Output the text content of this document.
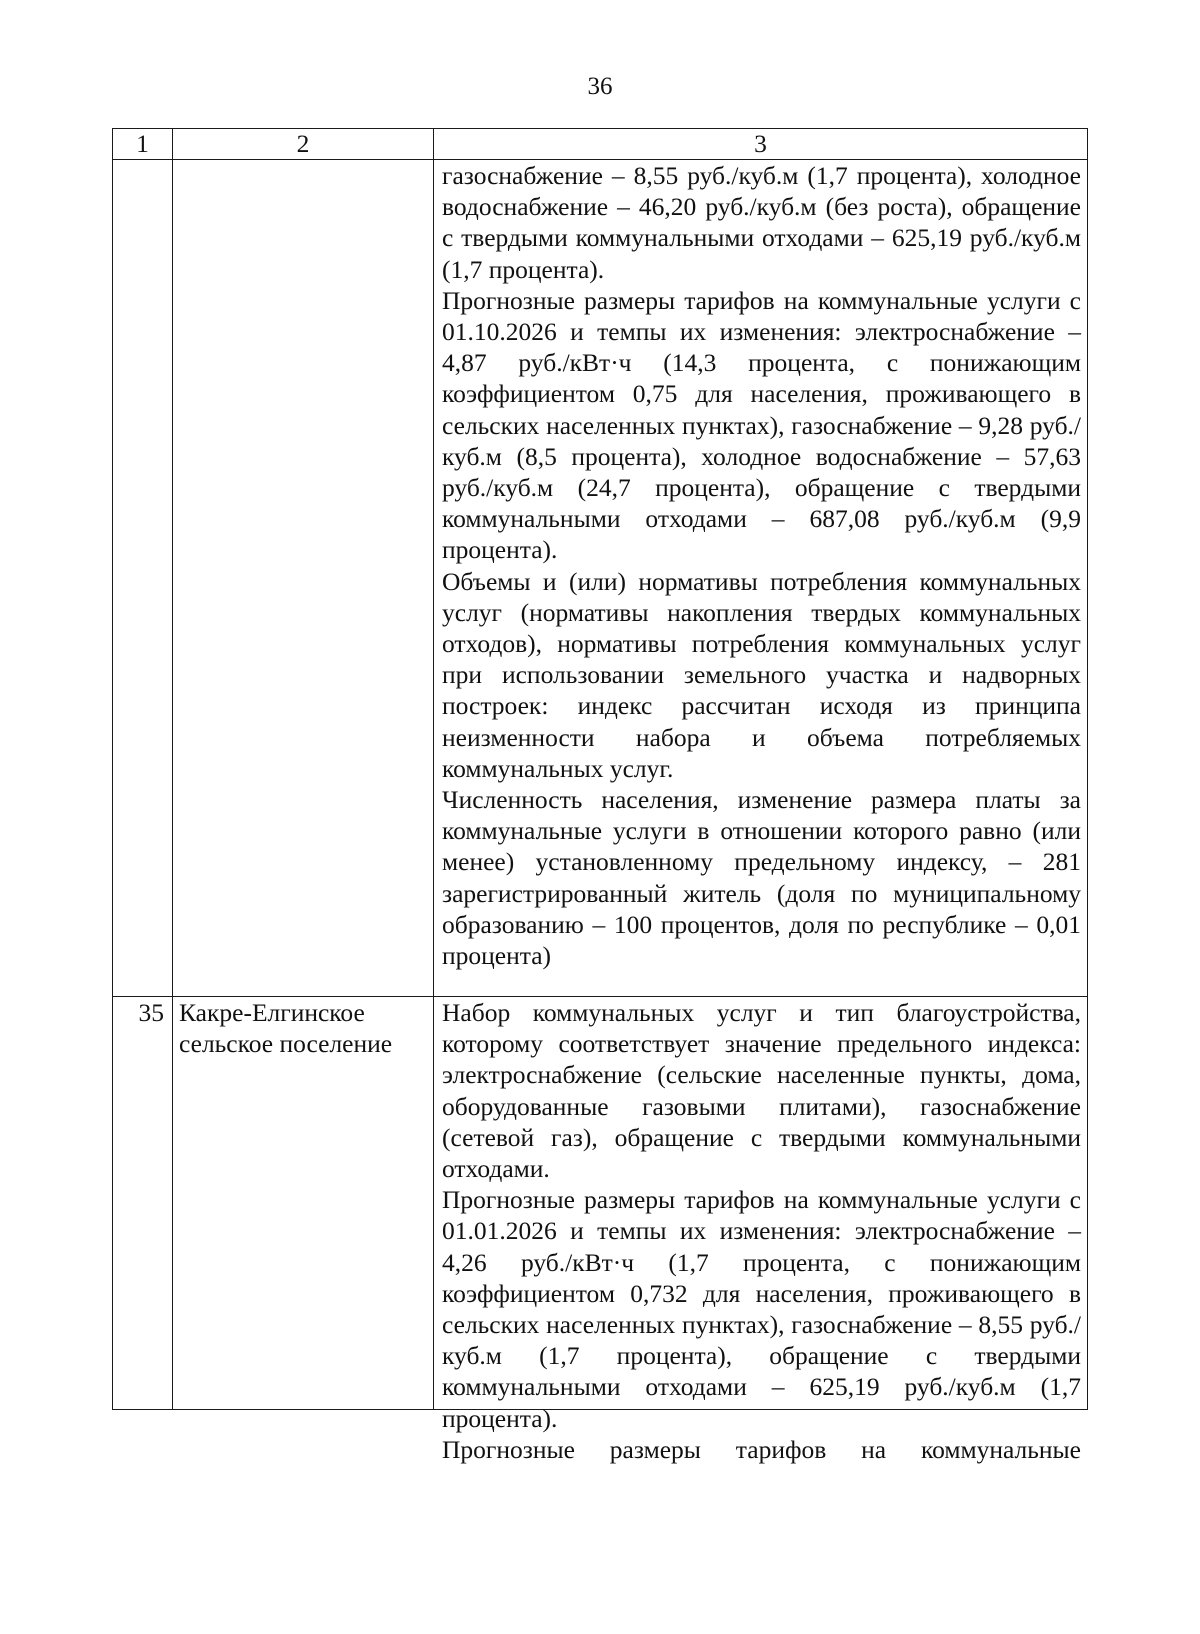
36
1	2	3

		газоснабжение – 8,55 руб./куб.м (1,7 процента), холодное водоснабжение – 46,20 руб./куб.м (без роста), обращение с твердыми коммунальными отходами – 625,19 руб./куб.м (1,7 процента).

Прогнозные размеры тарифов на коммунальные услуги с 01.10.2026 и темпы их изменения: электроснабжение – 4,87 руб./кВт·ч (14,3 процента, с понижающим коэффициентом 0,75 для населения, проживающего в сельских населенных пунктах), газоснабжение – 9,28 руб./куб.м (8,5 процента), холодное водоснабжение – 57,63 руб./куб.м (24,7 процента), обращение с твердыми коммунальными отходами – 687,08 руб./куб.м (9,9 процента).

Объемы и (или) нормативы потребления коммунальных услуг (нормативы накопления твердых коммунальных отходов), нормативы потребления коммунальных услуг при использовании земельного участка и надворных построек: индекс рассчитан исходя из принципа неизменности набора и объема потребляемых коммунальных услуг.

Численность населения, изменение размера платы за коммунальные услуги в отношении которого равно (или менее) установленному предельному индексу, – 281 зарегистрированный житель (доля по муниципальному образованию – 100 процентов, доля по республике – 0,01 процента)

35	Какре-Елгинское сельское поселение	Набор коммунальных услуг и тип благоустройства, которому соответствует значение предельного индекса: электроснабжение (сельские населенные пункты, дома, оборудованные газовыми плитами), газоснабжение (сетевой газ), обращение с твердыми коммунальными отходами.

Прогнозные размеры тарифов на коммунальные услуги с 01.01.2026 и темпы их изменения: электроснабжение – 4,26 руб./кВт·ч (1,7 процента, с понижающим коэффициентом 0,732 для населения, проживающего в сельских населенных пунктах), газоснабжение – 8,55 руб./куб.м (1,7 процента), обращение с твердыми коммунальными отходами – 625,19 руб./куб.м (1,7 процента).

Прогнозные размеры тарифов на коммунальные
